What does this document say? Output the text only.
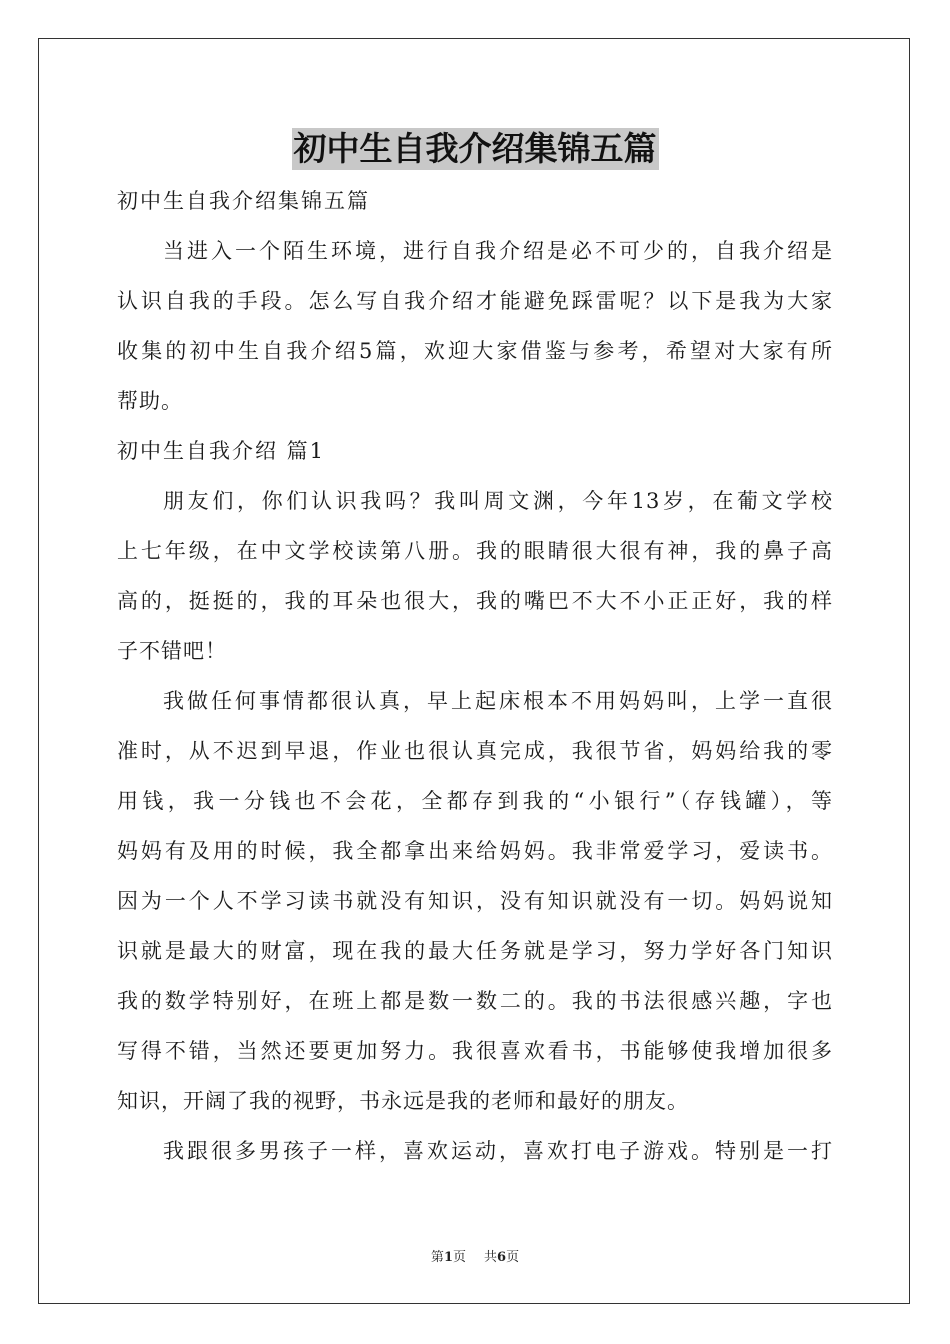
初中生自我介绍集锦五篇
初中生自我介绍集锦五篇
当进入一个陌生环境，进行自我介绍是必不可少的，自我介绍是
认识自我的手段。怎么写自我介绍才能避免踩雷呢？以下是我为大家
收集的初中生自我介绍5篇，欢迎大家借鉴与参考，希望对大家有所
帮助。
初中生自我介绍 篇1
朋友们，你们认识我吗？我叫周文渊，今年13岁，在葡文学校
上七年级，在中文学校读第八册。我的眼睛很大很有神，我的鼻子高
高的，挺挺的，我的耳朵也很大，我的嘴巴不大不小正正好，我的样
子不错吧！
我做任何事情都很认真，早上起床根本不用妈妈叫，上学一直很
准时，从不迟到早退，作业也很认真完成，我很节省，妈妈给我的零
用钱，我一分钱也不会花，全都存到我的“小银行”（存钱罐），等
妈妈有及用的时候，我全都拿出来给妈妈。我非常爱学习，爱读书。
因为一个人不学习读书就没有知识，没有知识就没有一切。妈妈说知
识就是最大的财富，现在我的最大任务就是学习，努力学好各门知识
我的数学特别好，在班上都是数一数二的。我的书法很感兴趣，字也
写得不错，当然还要更加努力。我很喜欢看书，书能够使我增加很多
知识，开阔了我的视野，书永远是我的老师和最好的朋友。
我跟很多男孩子一样，喜欢运动，喜欢打电子游戏。特别是一打
第1页 共6页
